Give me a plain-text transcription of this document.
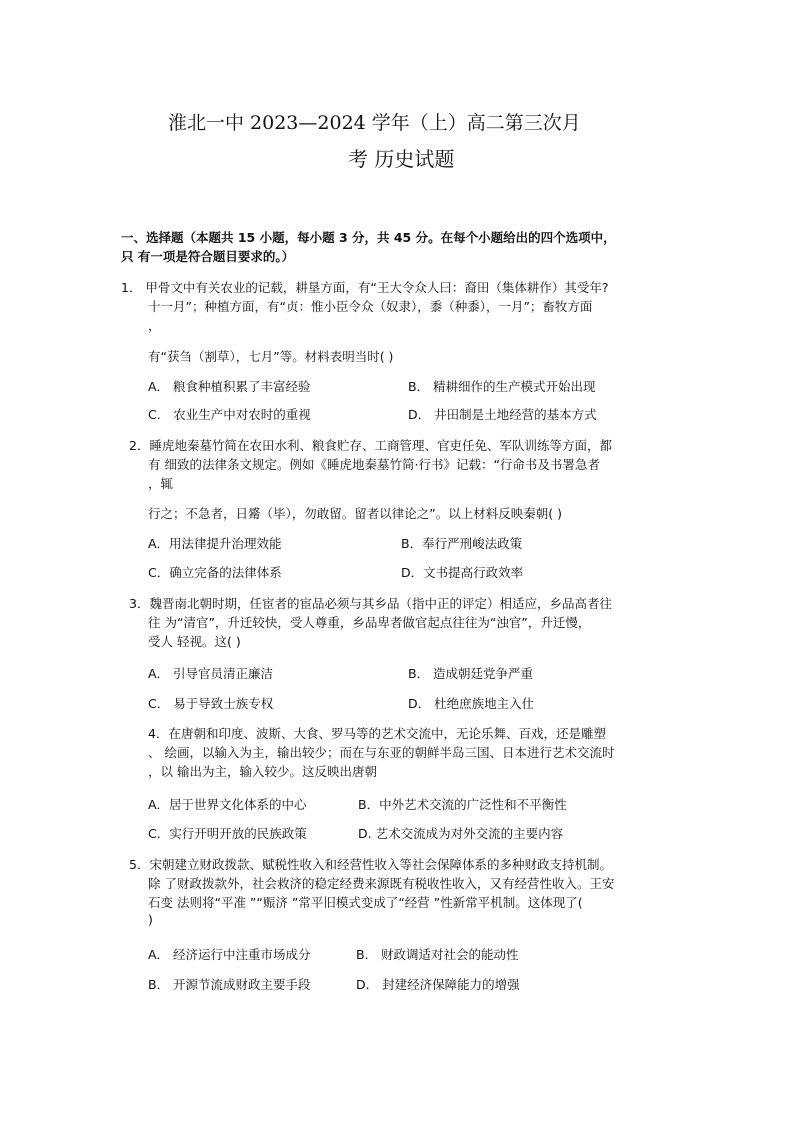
淮北一中 2023—2024 学年（上）高二第三次月
考 历史试题
一、选择题（本题共 15 小题，每小题 3 分，共 45 分。在每个小题给出的四个选项中，
只 有一项是符合题目要求的。）
1． 甲骨文中有关农业的记载，耕垦方面，有“王大令众人曰：裔田（集体耕作）其受年?
十一月”；种植方面，有“贞：惟小臣令众（奴隶），黍（种黍），一月”；畜牧方面
，
有“获刍（割草），七月”等。材料表明当时( )
A． 粮食种植积累了丰富经验	B． 精耕细作的生产模式开始出现
C． 农业生产中对农时的重视	D． 井田制是土地经营的基本方式
2．睡虎地秦墓竹简在农田水利、粮食贮存、工商管理、官吏任免、军队训练等方面，都
有 细致的法律条文规定。例如《睡虎地秦墓竹简·行书》记载：“行命书及书署急者
，辄
行之；不急者，日觱（毕），勿敢留。留者以律论之”。以上材料反映秦朝( )
A．用法律提升治理效能	B．奉行严刑峻法政策
C．确立完备的法律体系	D．文书提高行政效率
3．魏晋南北朝时期，任宦者的宦品必须与其乡品（指中正的评定）相适应，乡品高者往
往 为“清官”，升迁较快，受人尊重，乡品卑者做官起点往往为“浊官”，升迁慢，
受人 轻视。这( )
A． 引导官员清正廉洁	B． 造成朝廷党争严重
C． 易于导致士族专权	D． 杜绝庶族地主入仕
4．在唐朝和印度、波斯、大食、罗马等的艺术交流中，无论乐舞、百戏，还是雕塑
、 绘画，以输入为主，输出较少；而在与东亚的朝鲜半岛三国、日本进行艺术交流时
，以 输出为主，输入较少。这反映出唐朝
A．居于世界文化体系的中心	B．中外艺术交流的广泛性和不平衡性
C．实行开明开放的民族政策	D. 艺术交流成为对外交流的主要内容
5．宋朝建立财政拨款、赋税性收入和经营性收入等社会保障体系的多种财政支持机制。
除 了财政拨款外，社会救济的稳定经费来源既有税收性收入，又有经营性收入。王安
石变 法则将“平准 ”“赈济 ”常平旧模式变成了“经营 ”性新常平机制。这体现了(
)
A． 经济运行中注重市场成分	B． 财政调适对社会的能动性
B． 开源节流成财政主要手段	D． 封建经济保障能力的增强
